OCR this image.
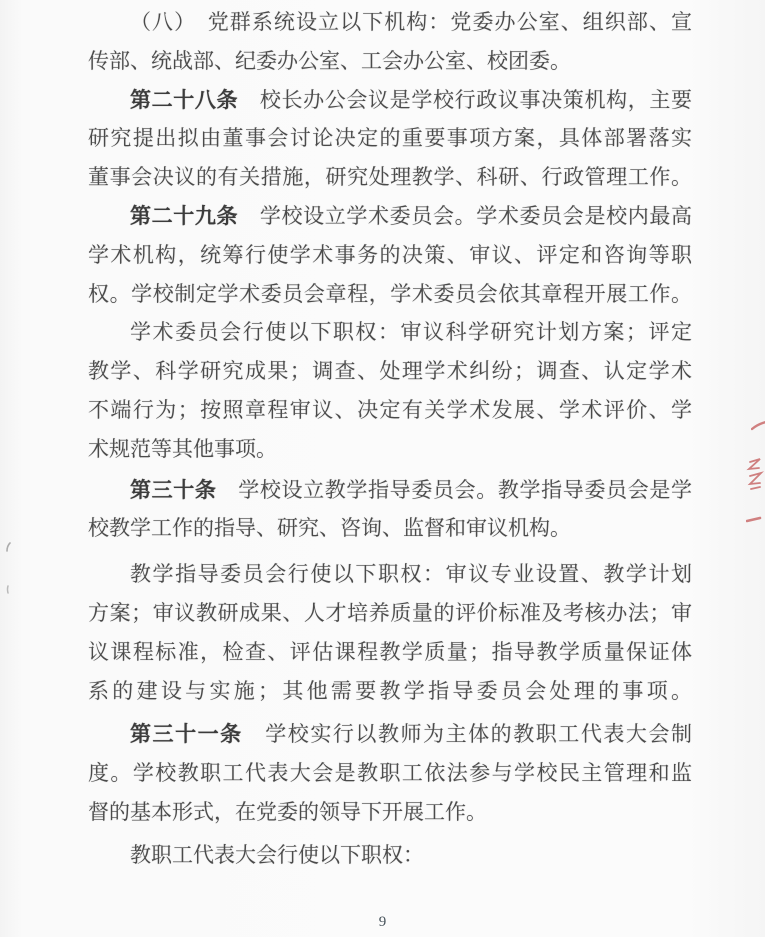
（八）　党群系统设立以下机构：党委办公室、组织部、宣
传部、统战部、纪委办公室、工会办公室、校团委。
第二十八条　校长办公会议是学校行政议事决策机构，主要
研究提出拟由董事会讨论决定的重要事项方案，具体部署落实
董事会决议的有关措施，研究处理教学、科研、行政管理工作。
第二十九条　学校设立学术委员会。学术委员会是校内最高
学术机构，统筹行使学术事务的决策、审议、评定和咨询等职
权。学校制定学术委员会章程，学术委员会依其章程开展工作。
学术委员会行使以下职权：审议科学研究计划方案；评定
教学、科学研究成果；调查、处理学术纠纷；调查、认定学术
不端行为；按照章程审议、决定有关学术发展、学术评价、学
术规范等其他事项。
第三十条　学校设立教学指导委员会。教学指导委员会是学
校教学工作的指导、研究、咨询、监督和审议机构。
教学指导委员会行使以下职权：审议专业设置、教学计划
方案；审议教研成果、人才培养质量的评价标准及考核办法；审
议课程标准，检查、评估课程教学质量；指导教学质量保证体
系的建设与实施；其他需要教学指导委员会处理的事项。
第三十一条　学校实行以教师为主体的教职工代表大会制
度。学校教职工代表大会是教职工依法参与学校民主管理和监
督的基本形式，在党委的领导下开展工作。
教职工代表大会行使以下职权：
9
